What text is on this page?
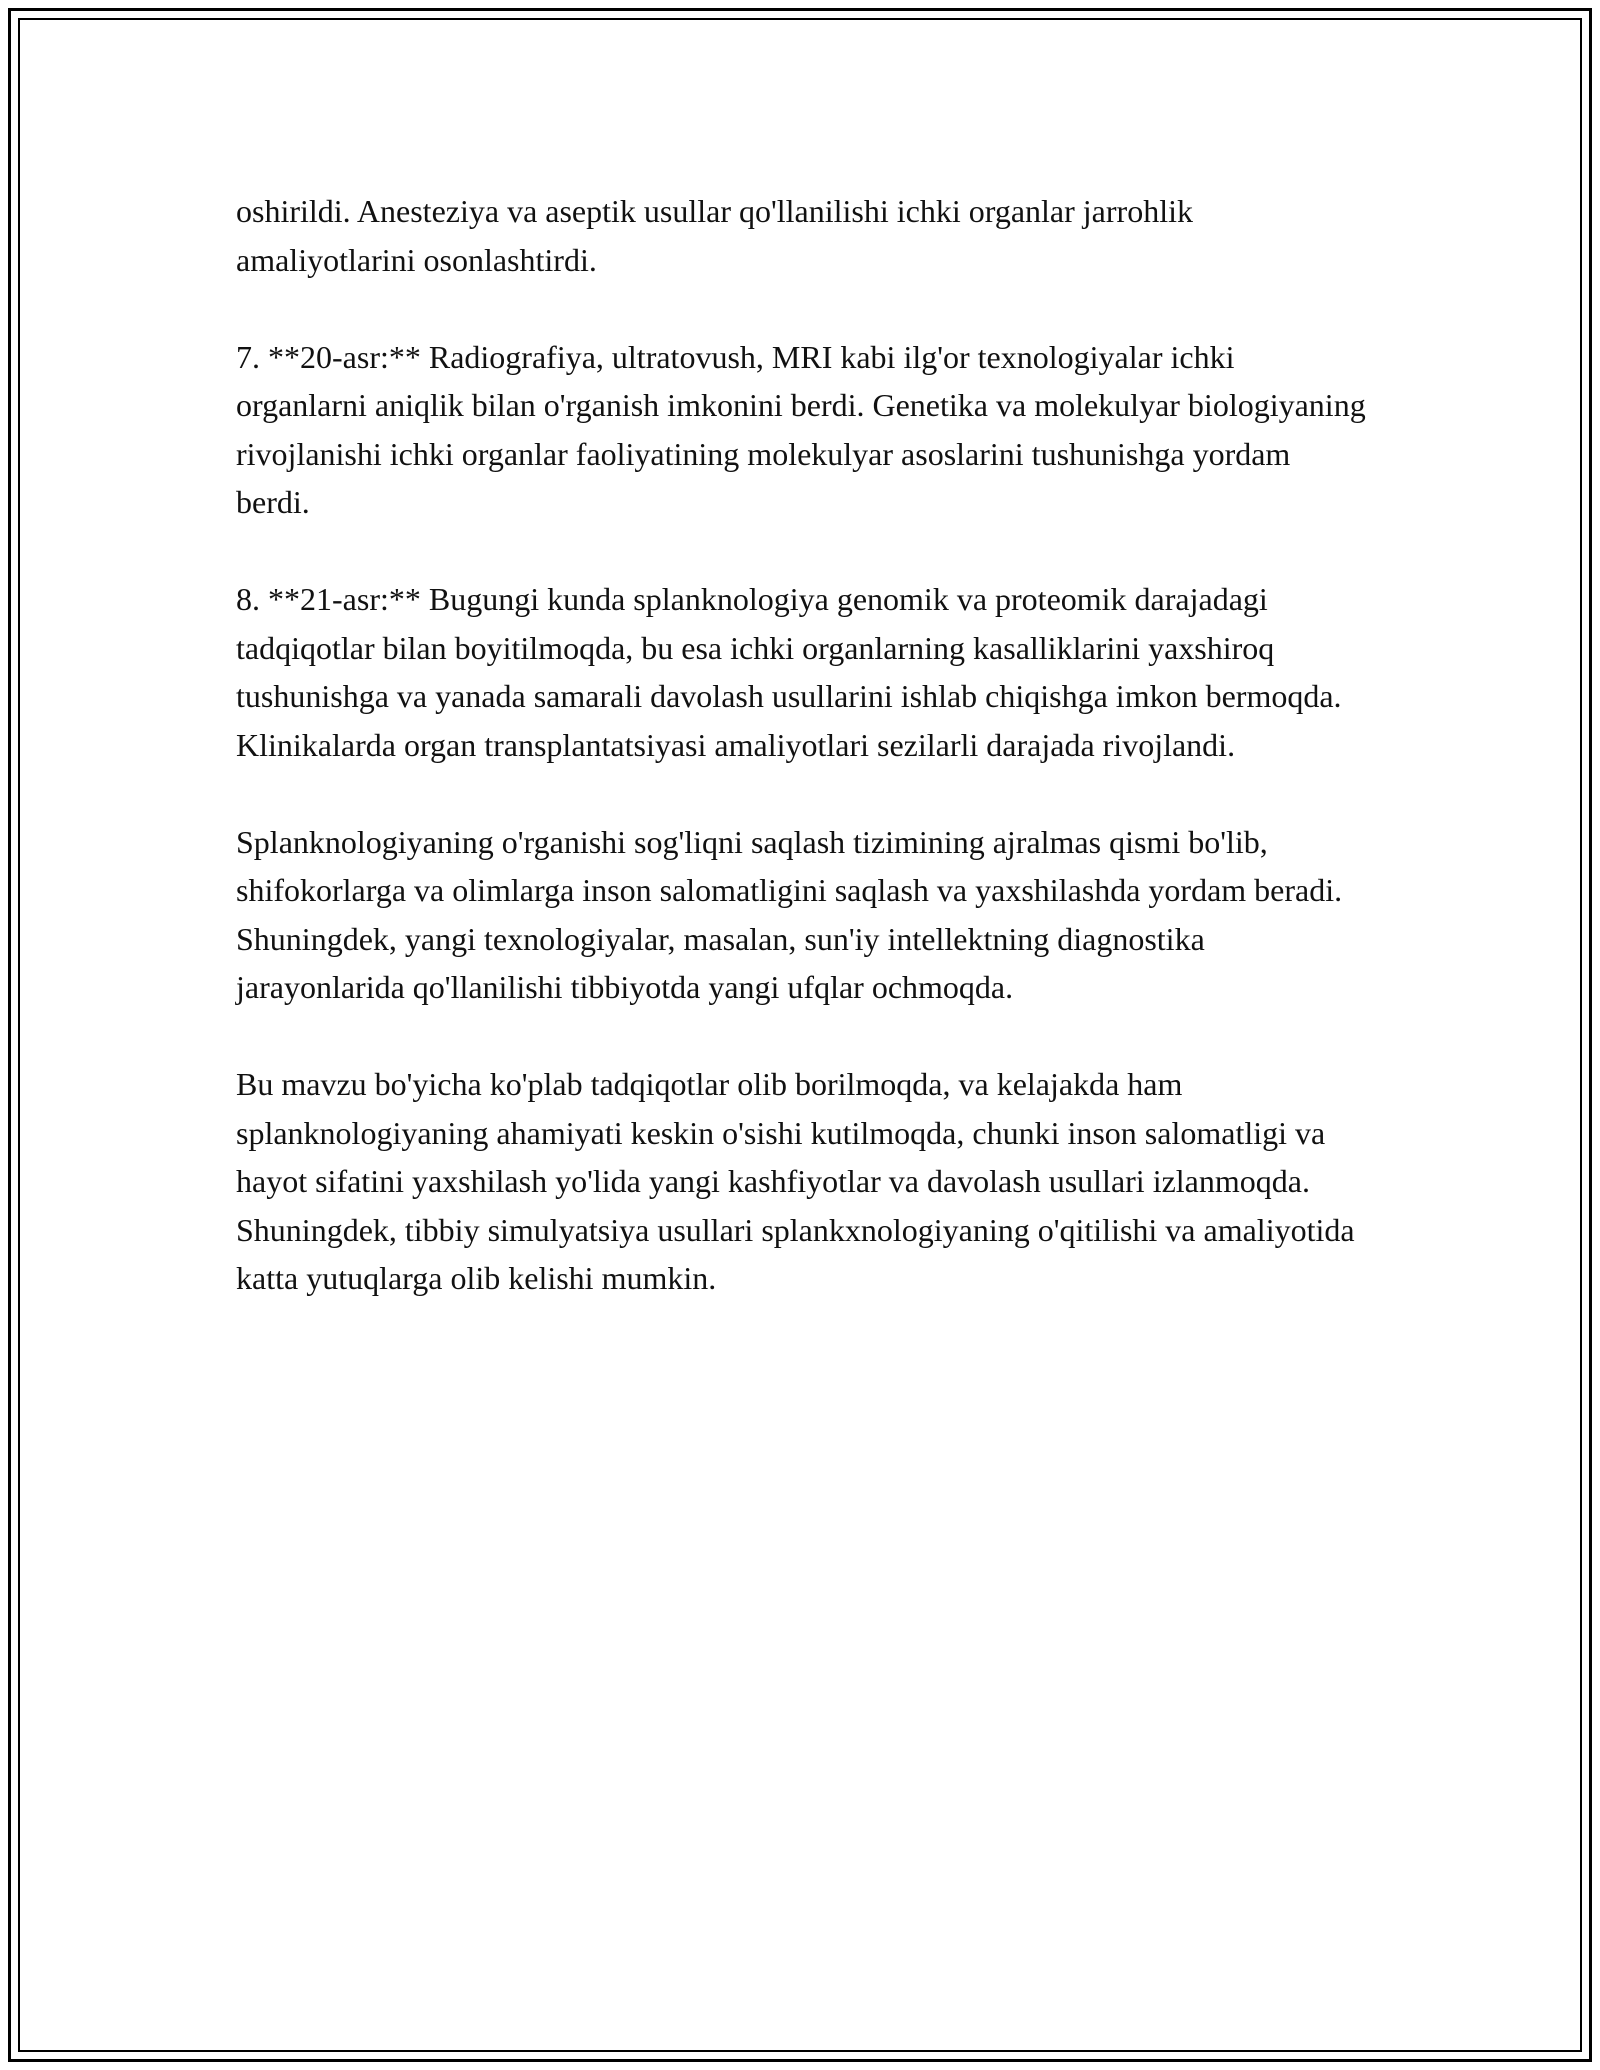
oshirildi. Anesteziya va aseptik usullar qo'llanilishi ichki organlar jarrohlik amaliyotlarini osonlashtirdi.

7. **20-asr:** Radiografiya, ultratovush, MRI kabi ilg'or texnologiyalar ichki organlarni aniqlik bilan o'rganish imkonini berdi. Genetika va molekulyar biologiyaning rivojlanishi ichki organlar faoliyatining molekulyar asoslarini tushunishga yordam berdi.

8. **21-asr:** Bugungi kunda splanknologiya genomik va proteomik darajadagi tadqiqotlar bilan boyitilmoqda, bu esa ichki organlarning kasalliklarini yaxshiroq tushunishga va yanada samarali davolash usullarini ishlab chiqishga imkon bermoqda. Klinikalarda organ transplantatsiyasi amaliyotlari sezilarli darajada rivojlandi.

Splanknologiyaning o'rganishi sog'liqni saqlash tizimining ajralmas qismi bo'lib, shifokorlarga va olimlarga inson salomatligini saqlash va yaxshilashda yordam beradi. Shuningdek, yangi texnologiyalar, masalan, sun'iy intellektning diagnostika jarayonlarida qo'llanilishi tibbiyotda yangi ufqlar ochmoqda.

Bu mavzu bo'yicha ko'plab tadqiqotlar olib borilmoqda, va kelajakda ham splanknologiyaning ahamiyati keskin o'sishi kutilmoqda, chunki inson salomatligi va hayot sifatini yaxshilash yo'lida yangi kashfiyotlar va davolash usullari izlanmoqda. Shuningdek, tibbiy simulyatsiya usullari splankxnologiyaning o'qitilishi va amaliyotida katta yutuqlarga olib kelishi mumkin.
